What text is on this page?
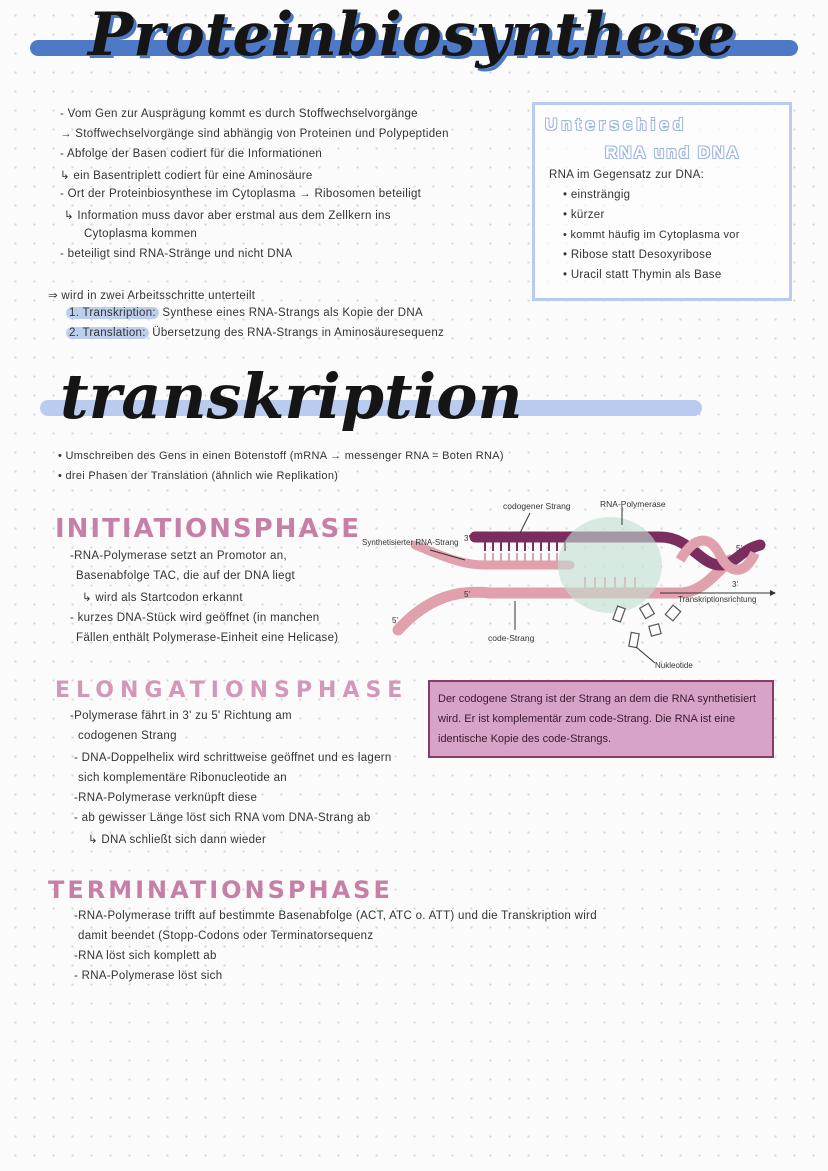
Proteinbiosynthese
- Vom Gen zur Ausprägung kommt es durch Stoffwechselvorgänge
→ Stoffwechselvorgänge sind abhängig von Proteinen und Polypeptiden
- Abfolge der Basen codiert für die Informationen
↳ ein Basentriplett codiert für eine Aminosäure
- Ort der Proteinbiosynthese im Cytoplasma → Ribosomen beteiligt
↳ Information muss davor aber erstmal aus dem Zellkern ins
Cytoplasma kommen
- beteiligt sind RNA-Stränge und nicht DNA
⇒ wird in zwei Arbeitsschritte unterteilt
1. Transkription: Synthese eines RNA-Strangs als Kopie der DNA
2. Translation: Übersetzung des RNA-Strangs in Aminosäuresequenz
Unterschied
RNA und DNA
RNA im Gegensatz zur DNA:
• einsträngig
• kürzer
• kommt häufig im Cytoplasma vor
• Ribose statt Desoxyribose
• Uracil statt Thymin als Base
transkription
• Umschreiben des Gens in einen Botenstoff (mRNA → messenger RNA = Boten RNA)
• drei Phasen der Translation (ähnlich wie Replikation)
INITIATIONSPHASE
-RNA-Polymerase setzt an Promotor an,
Basenabfolge TAC, die auf der DNA liegt
↳ wird als Startcodon erkannt
- kurzes DNA-Stück wird geöffnet (in manchen
Fällen enthält Polymerase-Einheit eine Helicase)
codogener Strang	RNA-Polymerase
Synthetisierter RNA-Strang
code-Strang
Transkriptionsrichtung
Nukleotide
3'
5'
5'
3'
5'
ELONGATIONSPHASE
-Polymerase fährt in 3' zu 5' Richtung am
codogenen Strang
- DNA-Doppelhelix wird schrittweise geöffnet und es lagern
sich komplementäre Ribonucleotide an
-RNA-Polymerase verknüpft diese
- ab gewisser Länge löst sich RNA vom DNA-Strang ab
↳ DNA schließt sich dann wieder
Der codogene Strang ist der Strang an dem die RNA synthetisiert wird. Er ist komplementär zum code-Strang. Die RNA ist eine identische Kopie des code-Strangs.
TERMINATIONSPHASE
-RNA-Polymerase trifft auf bestimmte Basenabfolge (ACT, ATC o. ATT) und die Transkription wird
damit beendet (Stopp-Codons oder Terminatorsequenz
-RNA löst sich komplett ab
- RNA-Polymerase löst sich
